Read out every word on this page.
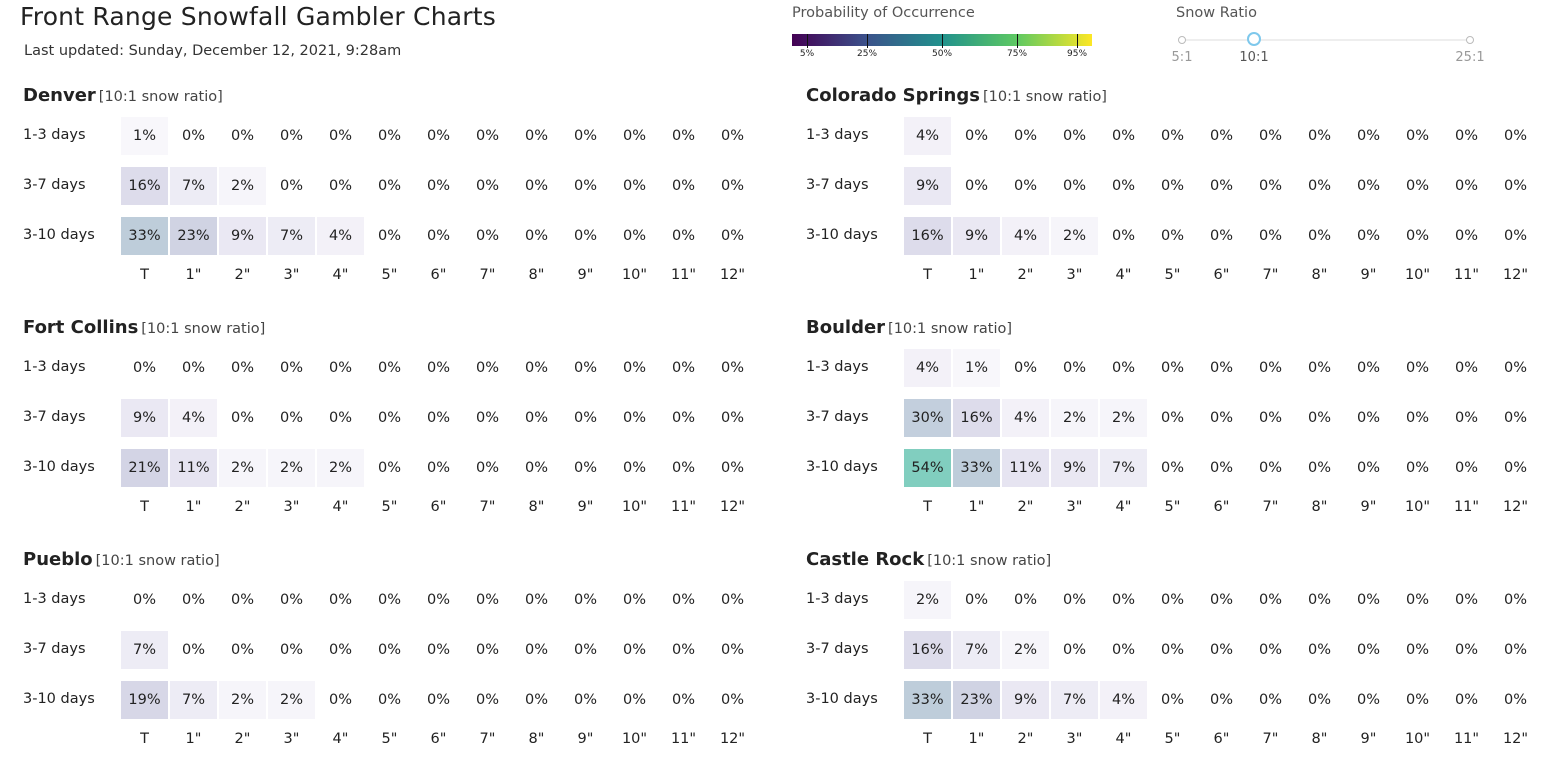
Front Range Snowfall Gambler Charts
Last updated: Sunday, December 12, 2021, 9:28am
Probability of Occurrence
5%	25%	50%	75%	95%
Snow Ratio
5:1	10:1	25:1
Denver [10:1 snow ratio]
1-3 days	1%	0%	0%	0%	0%	0%	0%	0%	0%	0%	0%	0%	0%
3-7 days	16%	7%	2%	0%	0%	0%	0%	0%	0%	0%	0%	0%	0%
3-10 days	33%	23%	9%	7%	4%	0%	0%	0%	0%	0%	0%	0%	0%
T	1"	2"	3"	4"	5"	6"	7"	8"	9"	10"	11"	12"
Colorado Springs [10:1 snow ratio]
1-3 days	4%	0%	0%	0%	0%	0%	0%	0%	0%	0%	0%	0%	0%
3-7 days	9%	0%	0%	0%	0%	0%	0%	0%	0%	0%	0%	0%	0%
3-10 days	16%	9%	4%	2%	0%	0%	0%	0%	0%	0%	0%	0%	0%
T	1"	2"	3"	4"	5"	6"	7"	8"	9"	10"	11"	12"
Fort Collins [10:1 snow ratio]
1-3 days	0%	0%	0%	0%	0%	0%	0%	0%	0%	0%	0%	0%	0%
3-7 days	9%	4%	0%	0%	0%	0%	0%	0%	0%	0%	0%	0%	0%
3-10 days	21%	11%	2%	2%	2%	0%	0%	0%	0%	0%	0%	0%	0%
T	1"	2"	3"	4"	5"	6"	7"	8"	9"	10"	11"	12"
Boulder [10:1 snow ratio]
1-3 days	4%	1%	0%	0%	0%	0%	0%	0%	0%	0%	0%	0%	0%
3-7 days	30%	16%	4%	2%	2%	0%	0%	0%	0%	0%	0%	0%	0%
3-10 days	54%	33%	11%	9%	7%	0%	0%	0%	0%	0%	0%	0%	0%
T	1"	2"	3"	4"	5"	6"	7"	8"	9"	10"	11"	12"
Pueblo [10:1 snow ratio]
1-3 days	0%	0%	0%	0%	0%	0%	0%	0%	0%	0%	0%	0%	0%
3-7 days	7%	0%	0%	0%	0%	0%	0%	0%	0%	0%	0%	0%	0%
3-10 days	19%	7%	2%	2%	0%	0%	0%	0%	0%	0%	0%	0%	0%
T	1"	2"	3"	4"	5"	6"	7"	8"	9"	10"	11"	12"
Castle Rock [10:1 snow ratio]
1-3 days	2%	0%	0%	0%	0%	0%	0%	0%	0%	0%	0%	0%	0%
3-7 days	16%	7%	2%	0%	0%	0%	0%	0%	0%	0%	0%	0%	0%
3-10 days	33%	23%	9%	7%	4%	0%	0%	0%	0%	0%	0%	0%	0%
T	1"	2"	3"	4"	5"	6"	7"	8"	9"	10"	11"	12"
